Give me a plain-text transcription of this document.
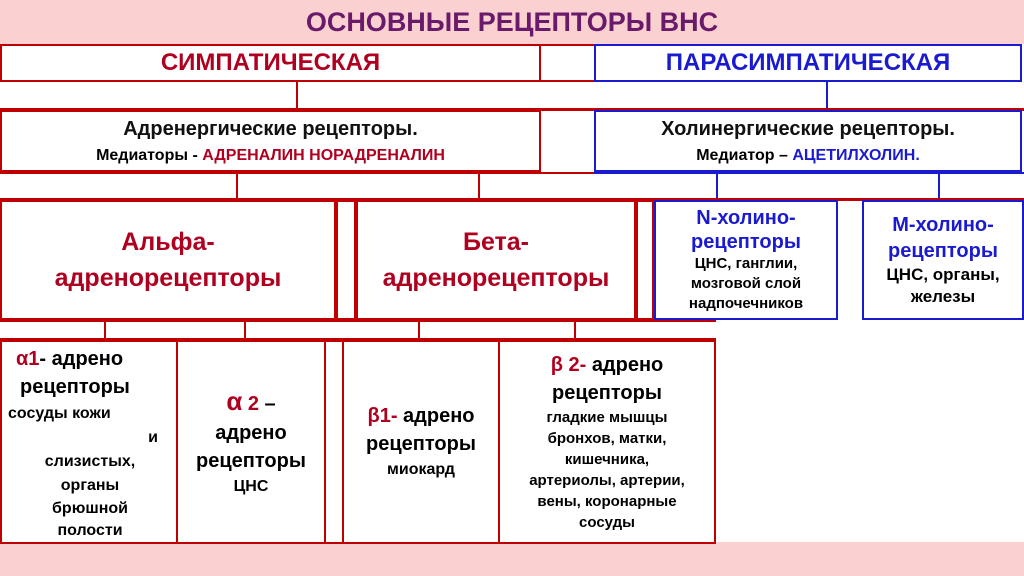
ОСНОВНЫЕ РЕЦЕПТОРЫ ВНС
СИМПАТИЧЕСКАЯ	ПАРАСИМПАТИЧЕСКАЯ
Адренергические рецепторы.
Медиаторы - АДРЕНАЛИН НОРАДРЕНАЛИН
Холинергические рецепторы.
Медиатор – АЦЕТИЛХОЛИН.
Альфа-
адренорецепторы
Бета-
адренорецепторы
N-холино-
рецепторы
ЦНС, ганглии,
мозговой слой
надпочечников
М-холино-
рецепторы
ЦНС, органы,
железы
α1- адрено
рецепторы
сосуды кожи
и
слизистых,
органы
брюшной
полости
α 2 –
адрено
рецепторы
ЦНС
β1- адрено
рецепторы
миокард
β 2- адрено
рецепторы
гладкие мышцы
бронхов, матки,
кишечника,
артериолы, артерии,
вены, коронарные
сосуды
